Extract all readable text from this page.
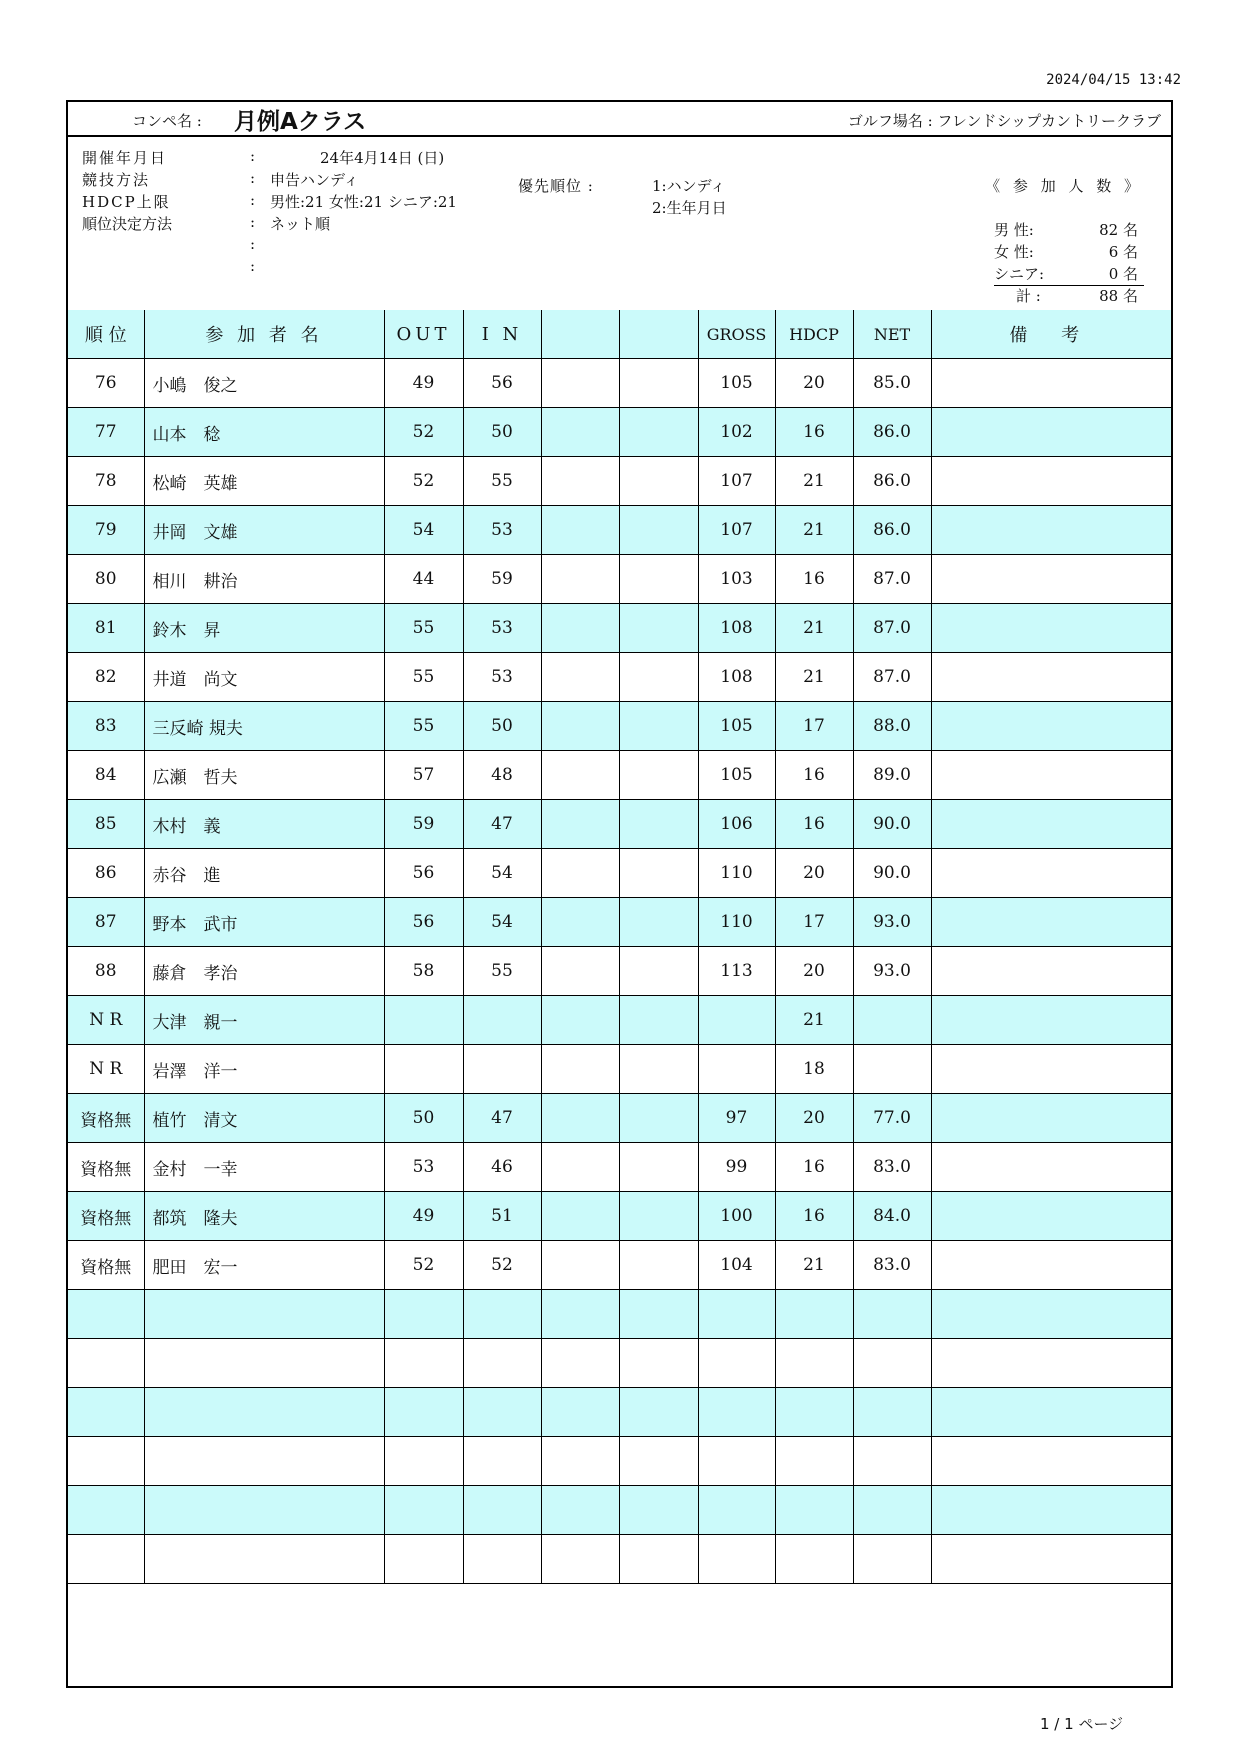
2024/04/15 13:42
コンペ名 : 月例Aクラス	ゴルフ場名 : フレンドシップカントリークラブ
開催年月日	:	24年4月14日 (日)
競技方法	: 申告ハンディ
HDCP上限	: 男性:21 女性:21 シニア:21
順位決定方法	: ネット順
:
:
優先順位 :	1:ハンディ
2:生年月日
《 参 加 人 数 》
男 性:	82 名
女 性:	6 名
シニア:	0 名
計 :	88 名
順 位	参 加 者 名	OUT	I N			GROSS	HDCP	NET	備 考
76	小嶋　俊之	49	56			105	20	85.0	
77	山本　稔	52	50			102	16	86.0	
78	松崎　英雄	52	55			107	21	86.0	
79	井岡　文雄	54	53			107	21	86.0	
80	相川　耕治	44	59			103	16	87.0	
81	鈴木　昇	55	53			108	21	87.0	
82	井道　尚文	55	53			108	21	87.0	
83	三反崎 規夫	55	50			105	17	88.0	
84	広瀬　哲夫	57	48			105	16	89.0	
85	木村　義	59	47			106	16	90.0	
86	赤谷　進	56	54			110	20	90.0	
87	野本　武市	56	54			110	17	93.0	
88	藤倉　孝治	58	55			113	20	93.0	
N R	大津　親一						21		
N R	岩澤　洋一						18		
資格無	植竹　清文	50	47			97	20	77.0	
資格無	金村　一幸	53	46			99	16	83.0	
資格無	都筑　隆夫	49	51			100	16	84.0	
資格無	肥田　宏一	52	52			104	21	83.0	

1 / 1 ページ
